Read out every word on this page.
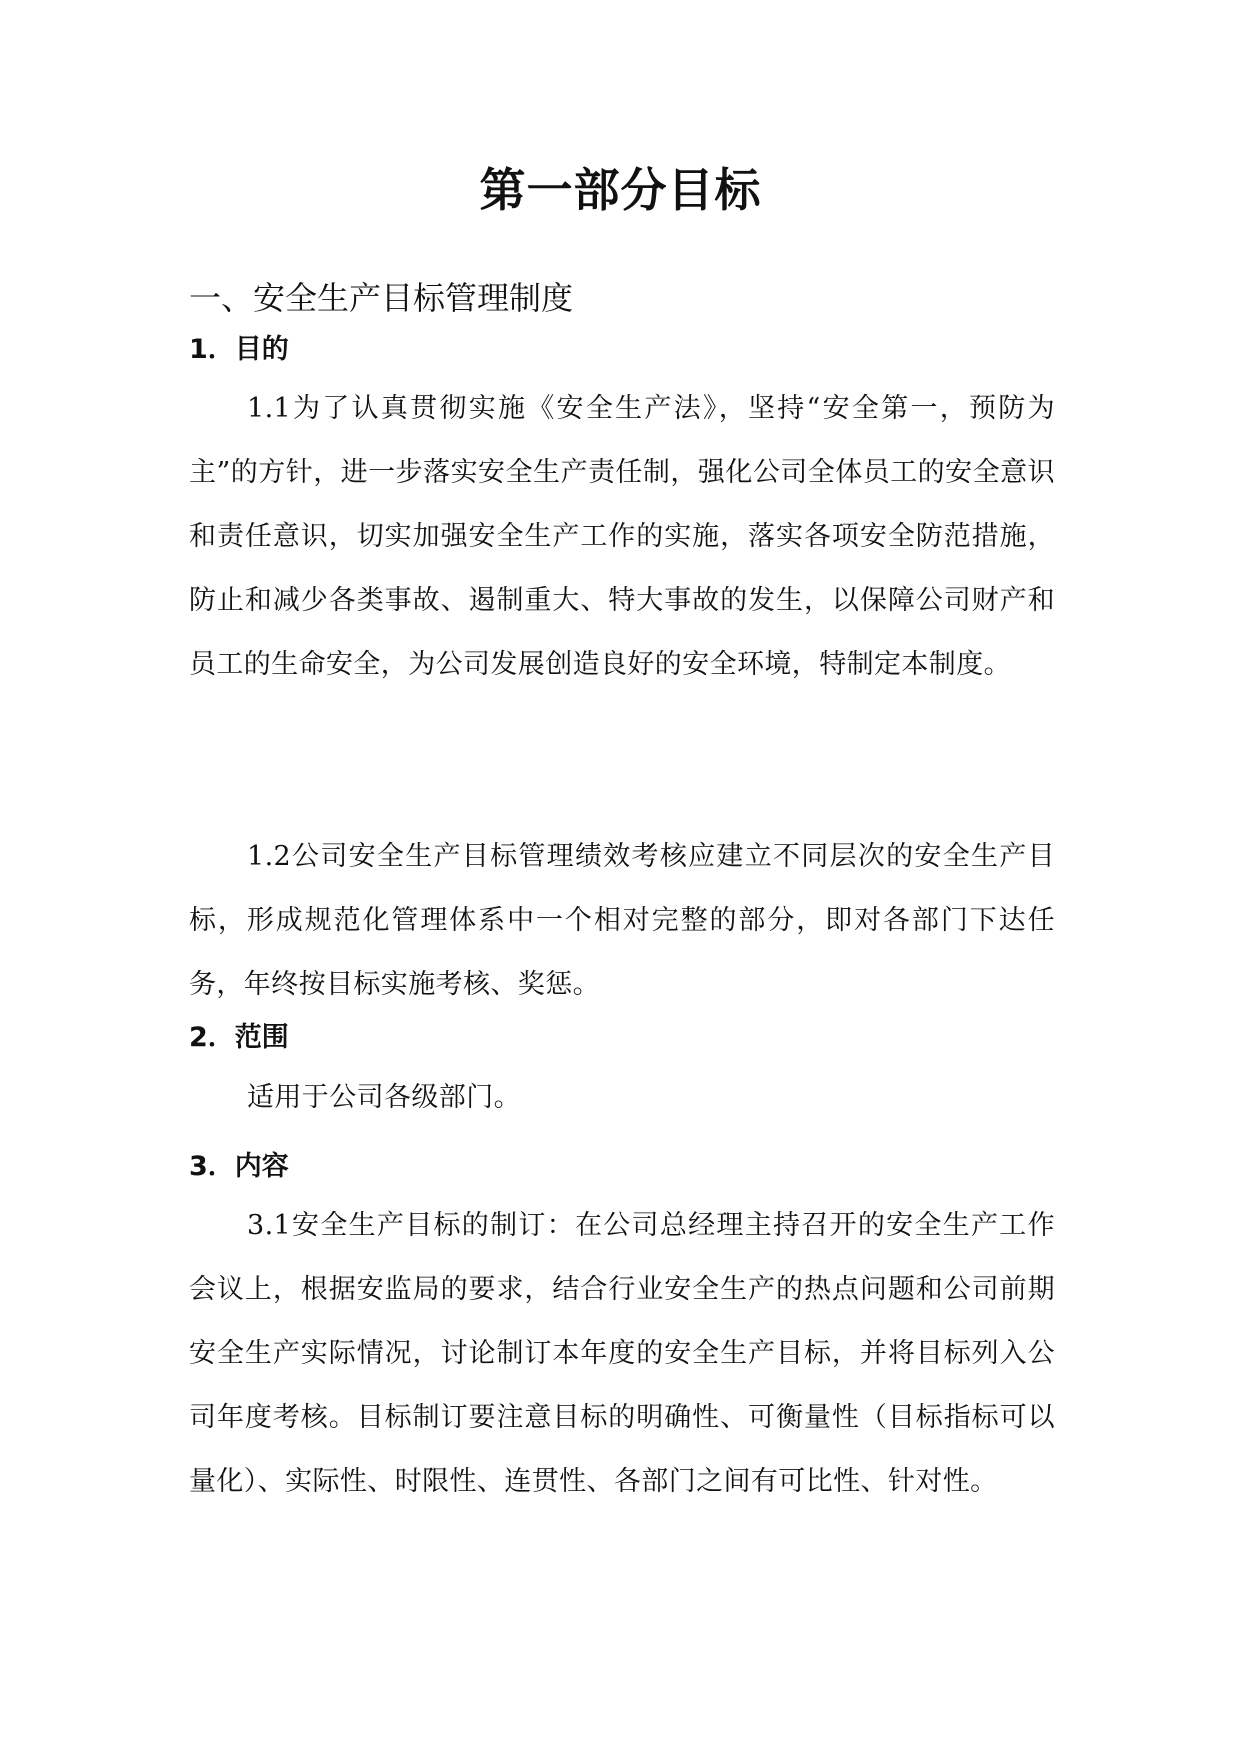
第一部分目标
一、安全生产目标管理制度
1．目的

1.1为了认真贯彻实施《安全生产法》，坚持“安全第一，预防为主”的方针，进一步落实安全生产责任制，强化公司全体员工的安全意识和责任意识，切实加强安全生产工作的实施，落实各项安全防范措施，防止和减少各类事故、遏制重大、特大事故的发生，以保障公司财产和员工的生命安全，为公司发展创造良好的安全环境，特制定本制度。

1.2公司安全生产目标管理绩效考核应建立不同层次的安全生产目标，形成规范化管理体系中一个相对完整的部分，即对各部门下达任务，年终按目标实施考核、奖惩。

2．范围

适用于公司各级部门。

3．内容

3.1安全生产目标的制订：在公司总经理主持召开的安全生产工作会议上，根据安监局的要求，结合行业安全生产的热点问题和公司前期安全生产实际情况，讨论制订本年度的安全生产目标，并将目标列入公司年度考核。目标制订要注意目标的明确性、可衡量性（目标指标可以量化）、实际性、时限性、连贯性、各部门之间有可比性、针对性。
